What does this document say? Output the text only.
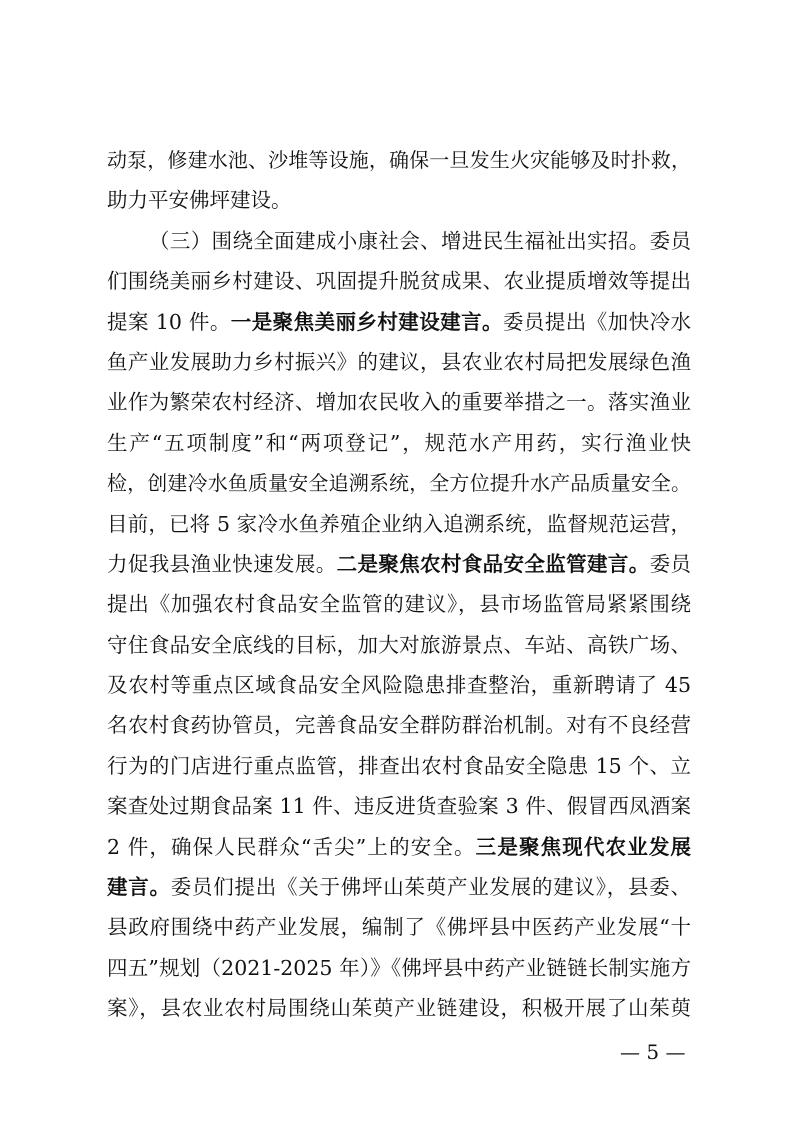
动泵，修建水池、沙堆等设施，确保一旦发生火灾能够及时扑救，
助力平安佛坪建设。
（三）围绕全面建成小康社会、增进民生福祉出实招。委员
们围绕美丽乡村建设、巩固提升脱贫成果、农业提质增效等提出
提案 10 件。一是聚焦美丽乡村建设建言。委员提出《加快冷水
鱼产业发展助力乡村振兴》的建议，县农业农村局把发展绿色渔
业作为繁荣农村经济、增加农民收入的重要举措之一。落实渔业
生产“五项制度”和“两项登记”，规范水产用药，实行渔业快
检，创建冷水鱼质量安全追溯系统，全方位提升水产品质量安全。
目前，已将 5 家冷水鱼养殖企业纳入追溯系统，监督规范运营，
力促我县渔业快速发展。二是聚焦农村食品安全监管建言。委员
提出《加强农村食品安全监管的建议》，县市场监管局紧紧围绕
守住食品安全底线的目标，加大对旅游景点、车站、高铁广场、
及农村等重点区域食品安全风险隐患排查整治，重新聘请了 45
名农村食药协管员，完善食品安全群防群治机制。对有不良经营
行为的门店进行重点监管，排查出农村食品安全隐患 15 个、立
案查处过期食品案 11 件、违反进货查验案 3 件、假冒西凤酒案
2 件，确保人民群众“舌尖”上的安全。三是聚焦现代农业发展
建言。委员们提出《关于佛坪山茱萸产业发展的建议》，县委、
县政府围绕中药产业发展，编制了《佛坪县中医药产业发展“十
四五”规划（2021-2025 年）》《佛坪县中药产业链链长制实施方
案》，县农业农村局围绕山茱萸产业链建设，积极开展了山茱萸
— 5 —
